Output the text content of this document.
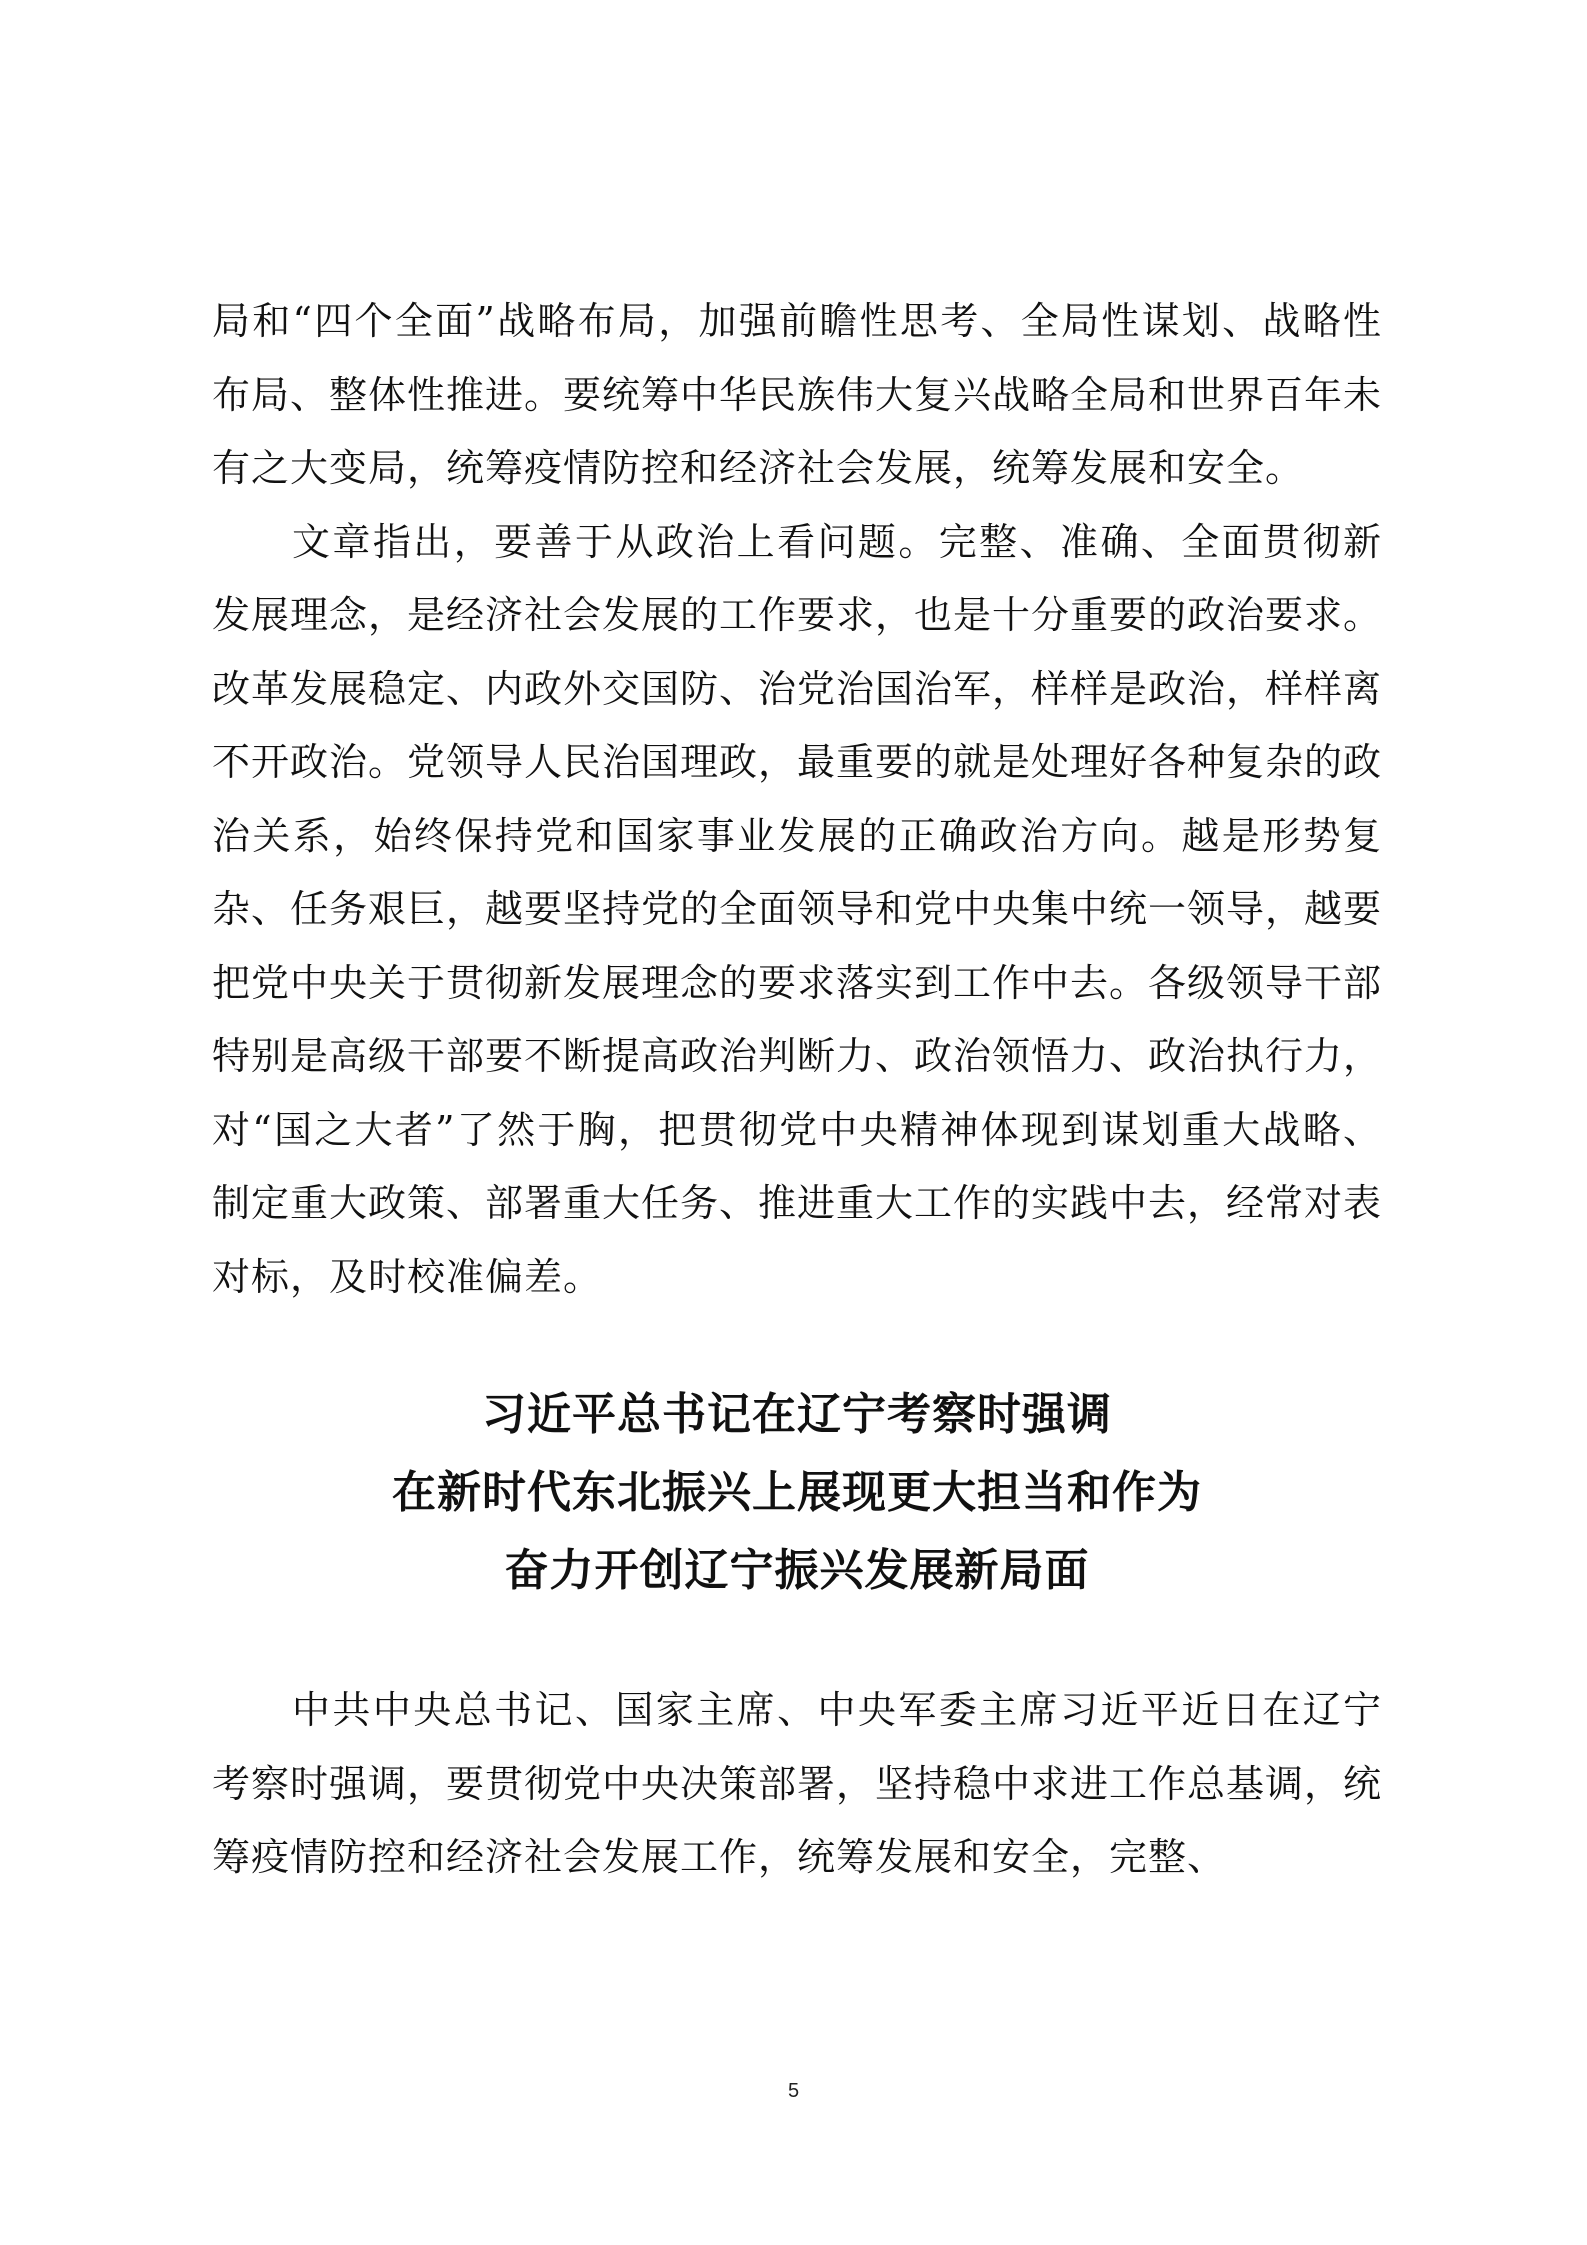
局和“四个全面”战略布局，加强前瞻性思考、全局性谋划、战略性布局、整体性推进。要统筹中华民族伟大复兴战略全局和世界百年未有之大变局，统筹疫情防控和经济社会发展，统筹发展和安全。

文章指出，要善于从政治上看问题。完整、准确、全面贯彻新发展理念，是经济社会发展的工作要求，也是十分重要的政治要求。改革发展稳定、内政外交国防、治党治国治军，样样是政治，样样离不开政治。党领导人民治国理政，最重要的就是处理好各种复杂的政治关系，始终保持党和国家事业发展的正确政治方向。越是形势复杂、任务艰巨，越要坚持党的全面领导和党中央集中统一领导，越要把党中央关于贯彻新发展理念的要求落实到工作中去。各级领导干部特别是高级干部要不断提高政治判断力、政治领悟力、政治执行力，对“国之大者”了然于胸，把贯彻党中央精神体现到谋划重大战略、制定重大政策、部署重大任务、推进重大工作的实践中去，经常对表对标，及时校准偏差。

习近平总书记在辽宁考察时强调
在新时代东北振兴上展现更大担当和作为
奋力开创辽宁振兴发展新局面

中共中央总书记、国家主席、中央军委主席习近平近日在辽宁考察时强调，要贯彻党中央决策部署，坚持稳中求进工作总基调，统筹疫情防控和经济社会发展工作，统筹发展和安全，完整、

5
